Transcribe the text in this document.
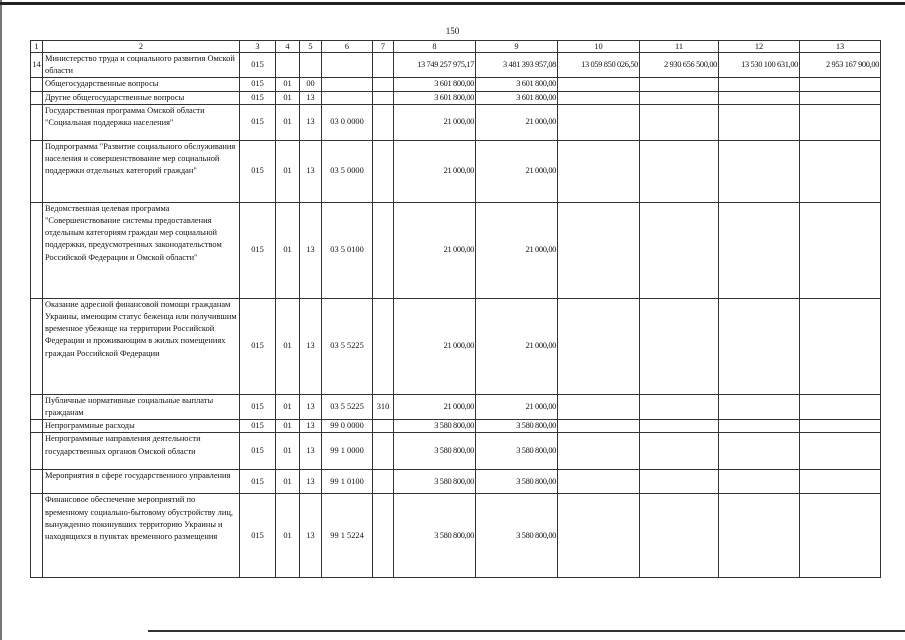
150
1	2	3	4	5	6	7	8	9	10	11	12	13
14	Министерство труда и социального развития Омской области	015					13 749 257 975,17	3 481 393 957,08	13 059 850 026,50	2 930 656 500,00	13 530 100 631,00	2 953 167 900,00
	Общегосударственные вопросы	015	01	00			3 601 800,00	3 601 800,00				
	Другие общегосударственные вопросы	015	01	13			3 601 800,00	3 601 800,00				
	Государственная программа Омской области "Социальная поддержка населения"	015	01	13	03 0 0000		21 000,00	21 000,00				
	Подпрограмма "Развитие социального обслуживания населения и совершенствование мер социальной поддержки отдельных категорий граждан"	015	01	13	03 5 0000		21 000,00	21 000,00				
	Ведомственная целевая программа "Совершенствование системы предоставления отдельным категориям граждан мер социальной поддержки, предусмотренных законодательством Российской Федерации и Омской области"	015	01	13	03 5 0100		21 000,00	21 000,00				
	Оказание адресной финансовой помощи гражданам Украины, имеющим статус беженца или получившим временное убежище на территории Российской Федерации и проживающим в жилых помещениях граждан Российской Федерации	015	01	13	03 5 5225		21 000,00	21 000,00				
	Публичные нормативные социальные выплаты гражданам	015	01	13	03 5 5225	310	21 000,00	21 000,00				
	Непрограммные расходы	015	01	13	99 0 0000		3 580 800,00	3 580 800,00				
	Непрограммные направления деятельности государственных органов Омской области	015	01	13	99 1 0000		3 580 800,00	3 580 800,00				
	Мероприятия в сфере государственного управления	015	01	13	99 1 0100		3 580 800,00	3 580 800,00				
	Финансовое обеспечение мероприятий по временному социально-бытовому обустройству лиц, вынужденно покинувших территорию Украины и находящихся в пунктах временного размещения	015	01	13	99 1 5224		3 580 800,00	3 580 800,00				
